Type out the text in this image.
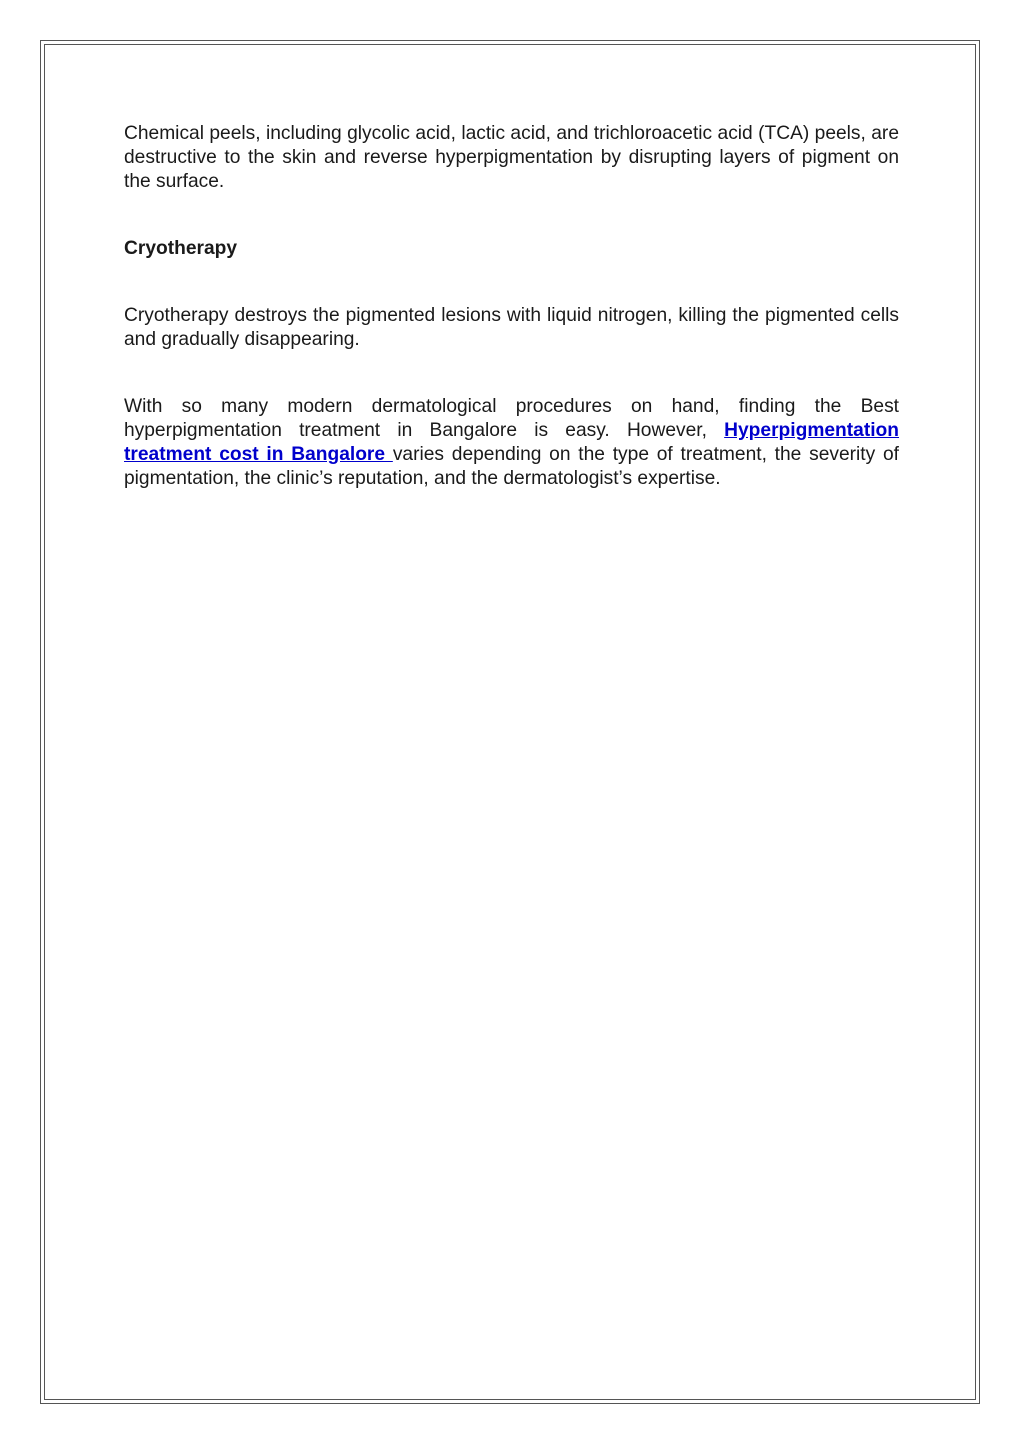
Chemical peels, including glycolic acid, lactic acid, and trichloroacetic acid (TCA) peels, are destructive to the skin and reverse hyperpigmentation by disrupting layers of pigment on the surface.

Cryotherapy

Cryotherapy destroys the pigmented lesions with liquid nitrogen, killing the pigmented cells and gradually disappearing.

With so many modern dermatological procedures on hand, finding the Best hyperpigmentation treatment in Bangalore is easy. However, Hyperpigmentation treatment cost in Bangalore varies depending on the type of treatment, the severity of pigmentation, the clinic’s reputation, and the dermatologist’s expertise.
